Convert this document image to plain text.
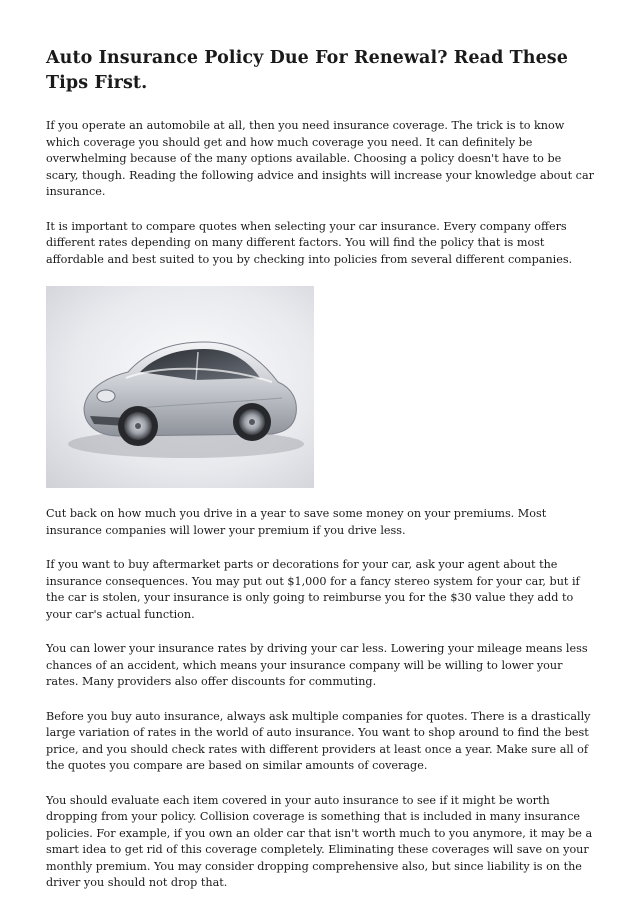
Auto Insurance Policy Due For Renewal? Read These Tips First.

If you operate an automobile at all, then you need insurance coverage. The trick is to know which coverage you should get and how much coverage you need. It can definitely be overwhelming because of the many options available. Choosing a policy doesn't have to be scary, though. Reading the following advice and insights will increase your knowledge about car insurance.

It is important to compare quotes when selecting your car insurance. Every company offers different rates depending on many different factors. You will find the policy that is most affordable and best suited to you by checking into policies from several different companies.

Cut back on how much you drive in a year to save some money on your premiums. Most insurance companies will lower your premium if you drive less.

If you want to buy aftermarket parts or decorations for your car, ask your agent about the insurance consequences. You may put out $1,000 for a fancy stereo system for your car, but if the car is stolen, your insurance is only going to reimburse you for the $30 value they add to your car's actual function.

You can lower your insurance rates by driving your car less. Lowering your mileage means less chances of an accident, which means your insurance company will be willing to lower your rates. Many providers also offer discounts for commuting.

Before you buy auto insurance, always ask multiple companies for quotes. There is a drastically large variation of rates in the world of auto insurance. You want to shop around to find the best price, and you should check rates with different providers at least once a year. Make sure all of the quotes you compare are based on similar amounts of coverage.

You should evaluate each item covered in your auto insurance to see if it might be worth dropping from your policy. Collision coverage is something that is included in many insurance policies. For example, if you own an older car that isn't worth much to you anymore, it may be a smart idea to get rid of this coverage completely. Eliminating these coverages will save on your monthly premium. You may consider dropping comprehensive also, but since liability is on the driver you should not drop that.
